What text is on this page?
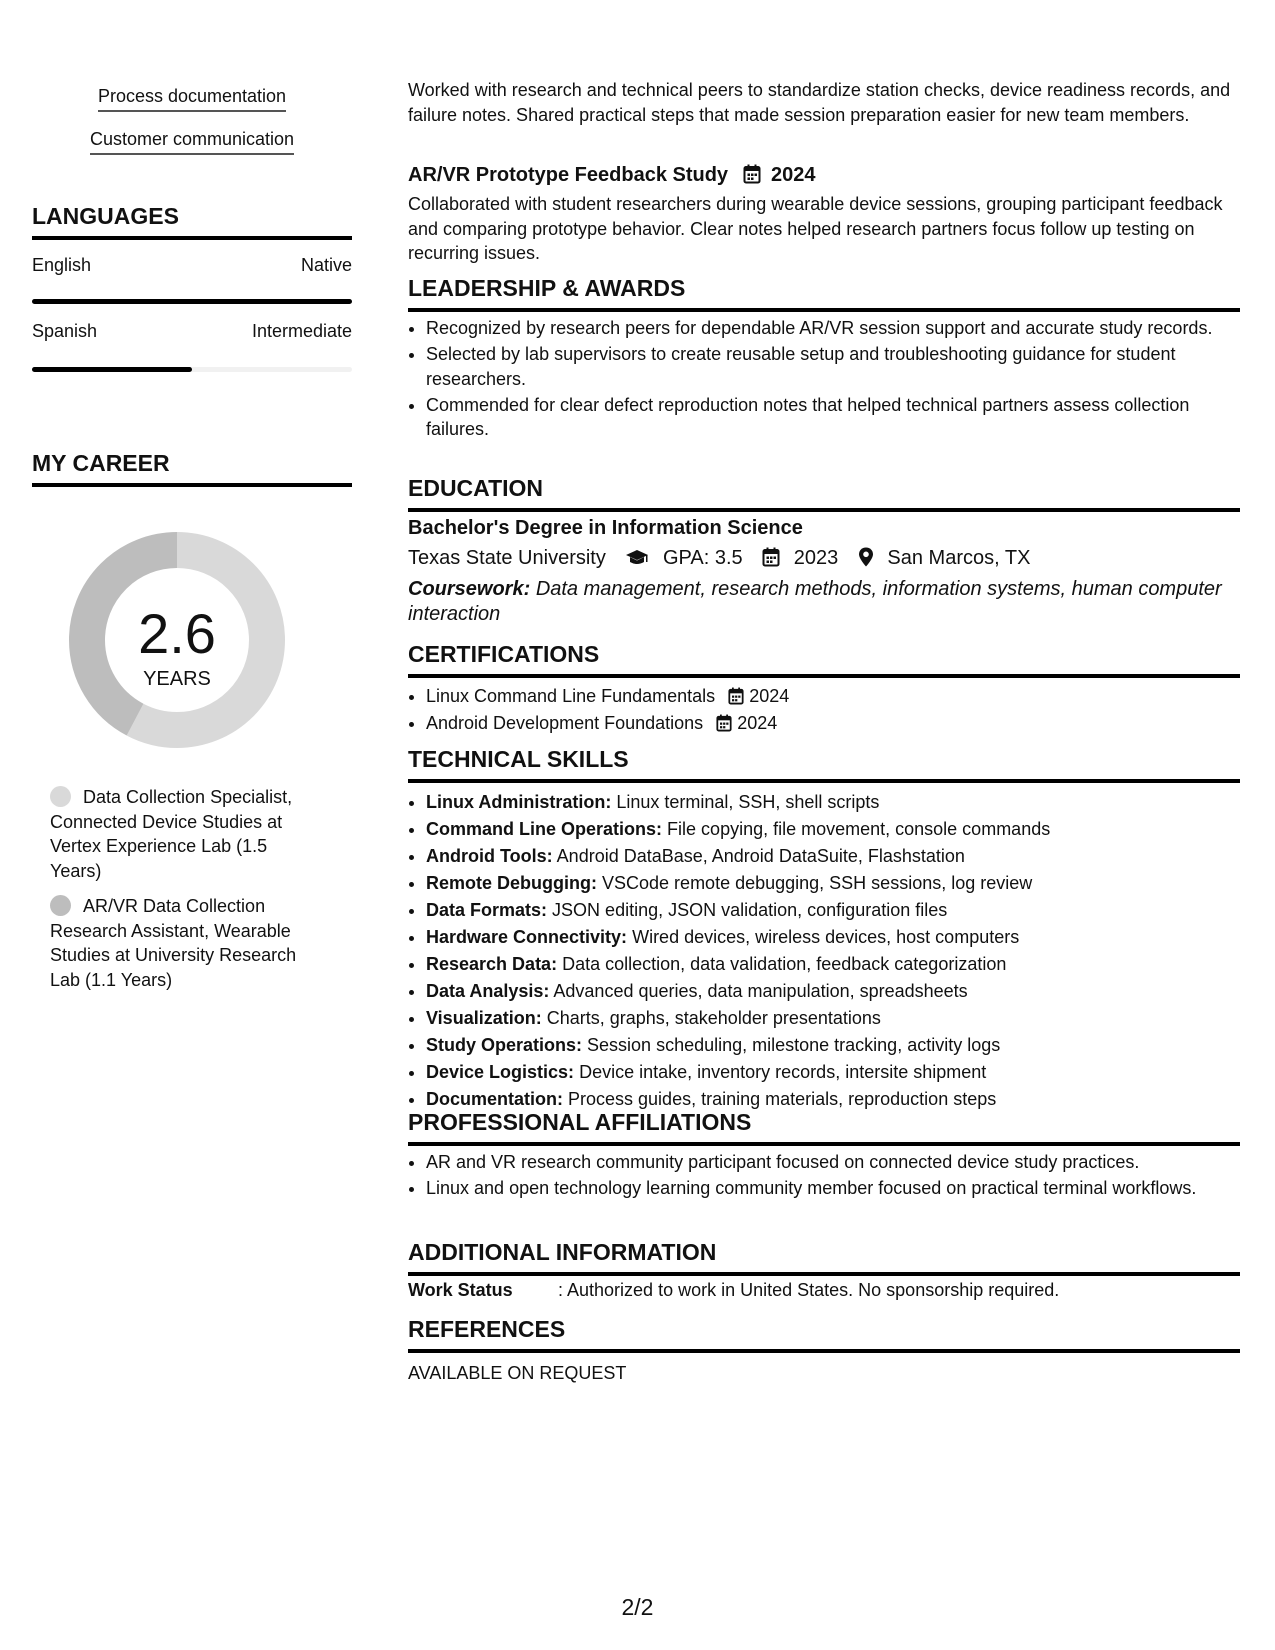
Process documentation
Customer communication
LANGUAGES
English	Native
Spanish	Intermediate
MY CAREER
2.6
YEARS
Data Collection Specialist, Connected Device Studies at Vertex Experience Lab (1.5 Years)
AR/VR Data Collection Research Assistant, Wearable Studies at University Research Lab (1.1 Years)
Worked with research and technical peers to standardize station checks, device readiness records, and failure notes. Shared practical steps that made session preparation easier for new team members.
AR/VR Prototype Feedback Study 2024
Collaborated with student researchers during wearable device sessions, grouping participant feedback and comparing prototype behavior. Clear notes helped research partners focus follow up testing on recurring issues.
LEADERSHIP & AWARDS
• Recognized by research peers for dependable AR/VR session support and accurate study records.
• Selected by lab supervisors to create reusable setup and troubleshooting guidance for student researchers.
• Commended for clear defect reproduction notes that helped technical partners assess collection failures.
EDUCATION
Bachelor's Degree in Information Science
Texas State University	GPA: 3.5	2023 San Marcos, TX
Coursework: Data management, research methods, information systems, human computer interaction
CERTIFICATIONS
• Linux Command Line Fundamentals 2024
• Android Development Foundations 2024
TECHNICAL SKILLS
• Linux Administration: Linux terminal, SSH, shell scripts
• Command Line Operations: File copying, file movement, console commands
• Android Tools: Android DataBase, Android DataSuite, Flashstation
• Remote Debugging: VSCode remote debugging, SSH sessions, log review
• Data Formats: JSON editing, JSON validation, configuration files
• Hardware Connectivity: Wired devices, wireless devices, host computers
• Research Data: Data collection, data validation, feedback categorization
• Data Analysis: Advanced queries, data manipulation, spreadsheets
• Visualization: Charts, graphs, stakeholder presentations
• Study Operations: Session scheduling, milestone tracking, activity logs
• Device Logistics: Device intake, inventory records, intersite shipment
• Documentation: Process guides, training materials, reproduction steps
PROFESSIONAL AFFILIATIONS
• AR and VR research community participant focused on connected device study practices.
• Linux and open technology learning community member focused on practical terminal workflows.
ADDITIONAL INFORMATION
Work Status	: Authorized to work in United States. No sponsorship required.
REFERENCES
AVAILABLE ON REQUEST
2/2
